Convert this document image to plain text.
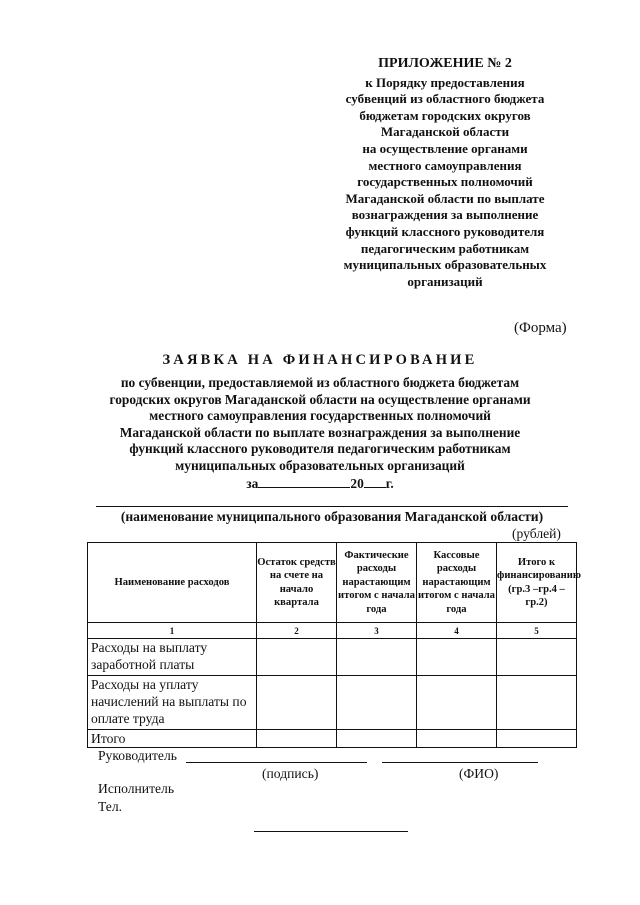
ПРИЛОЖЕНИЕ № 2
к Порядку предоставления
субвенций из областного бюджета
бюджетам городских округов
Магаданской области
на осуществление органами
местного самоуправления
государственных полномочий
Магаданской области по выплате
вознаграждения за выполнение
функций классного руководителя
педагогическим работникам
муниципальных образовательных
организаций
(Форма)
ЗАЯВКА НА ФИНАНСИРОВАНИЕ
по субвенции, предоставляемой из областного бюджета бюджетам
городских округов Магаданской области на осуществление органами
местного самоуправления государственных полномочий
Магаданской области по выплате вознаграждения за выполнение
функций классного руководителя педагогическим работникам
муниципальных образовательных организаций
за	20 г.
(наименование муниципального образования Магаданской области)
(рублей)
Наименование расходов	Остаток средств на счете на начало квартала	Фактические расходы нарастающим итогом с начала года	Кассовые расходы нарастающим итогом с начала года	Итого к финансированию (гр.3 –гр.4 – гр.2)
1	2	3	4	5
Расходы на выплату заработной платы				
Расходы на уплату начислений на выплаты по оплате труда				
Итого				
Руководитель
(подпись)	(ФИО)
Исполнитель
Тел.
